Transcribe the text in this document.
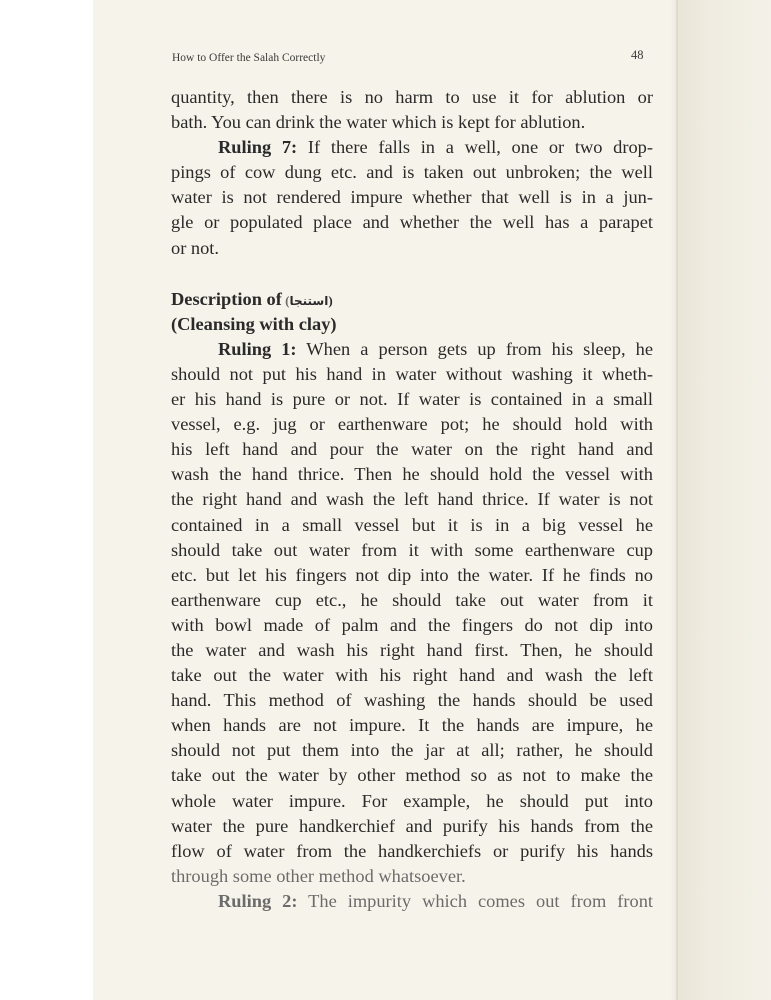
How to Offer the Salah Correctly	48
quantity, then there is no harm to use it for ablution or
bath. You can drink the water which is kept for ablution.
Ruling 7: If there falls in a well, one or two drop-
pings of cow dung etc. and is taken out unbroken; the well
water is not rendered impure whether that well is in a jun-
gle or populated place and whether the well has a parapet
or not.
Description of (استنجا)
(Cleansing with clay)
Ruling 1: When a person gets up from his sleep, he
should not put his hand in water without washing it wheth-
er his hand is pure or not. If water is contained in a small
vessel, e.g. jug or earthenware pot; he should hold with
his left hand and pour the water on the right hand and
wash the hand thrice. Then he should hold the vessel with
the right hand and wash the left hand thrice. If water is not
contained in a small vessel but it is in a big vessel he
should take out water from it with some earthenware cup
etc. but let his fingers not dip into the water. If he finds no
earthenware cup etc., he should take out water from it
with bowl made of palm and the fingers do not dip into
the water and wash his right hand first. Then, he should
take out the water with his right hand and wash the left
hand. This method of washing the hands should be used
when hands are not impure. It the hands are impure, he
should not put them into the jar at all; rather, he should
take out the water by other method so as not to make the
whole water impure. For example, he should put into
water the pure handkerchief and purify his hands from the
flow of water from the handkerchiefs or purify his hands
through some other method whatsoever.
Ruling 2: The impurity which comes out from front
